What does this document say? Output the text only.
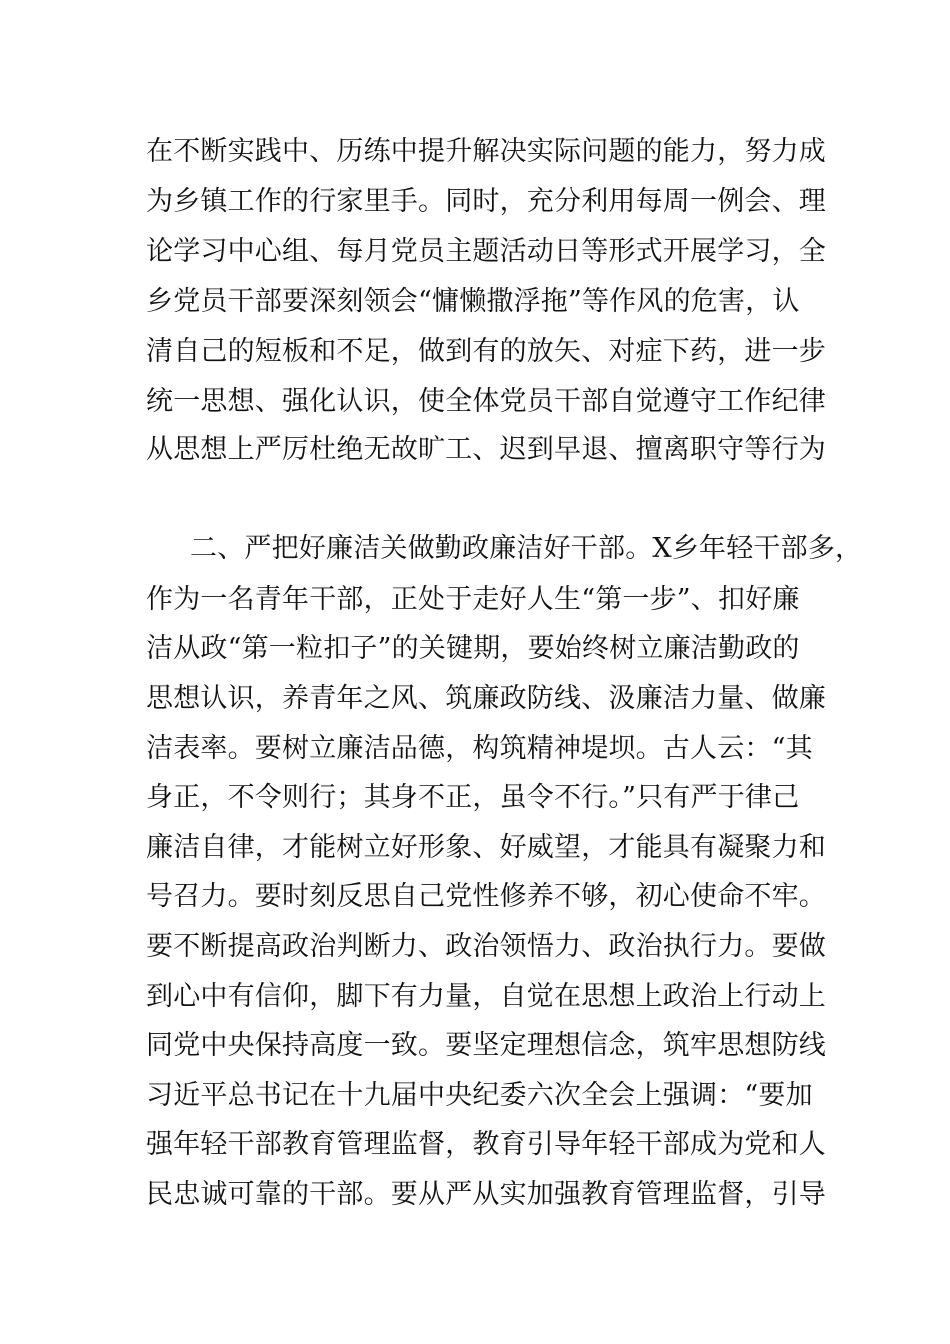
在不断实践中、历练中提升解决实际问题的能力，努力成
为乡镇工作的行家里手。同时，充分利用每周一例会、理
论学习中心组、每月党员主题活动日等形式开展学习，全
乡党员干部要深刻领会“慵懒撒浮拖”等作风的危害，认
清自己的短板和不足，做到有的放矢、对症下药，进一步
统一思想、强化认识，使全体党员干部自觉遵守工作纪律
从思想上严厉杜绝无故旷工、迟到早退、擅离职守等行为
二、严把好廉洁关做勤政廉洁好干部。X乡年轻干部多，
作为一名青年干部，正处于走好人生“第一步”、扣好廉
洁从政“第一粒扣子”的关键期，要始终树立廉洁勤政的
思想认识，养青年之风、筑廉政防线、汲廉洁力量、做廉
洁表率。要树立廉洁品德，构筑精神堤坝。古人云：“其
身正，不令则行；其身不正，虽令不行。”只有严于律己
廉洁自律，才能树立好形象、好威望，才能具有凝聚力和
号召力。要时刻反思自己党性修养不够，初心使命不牢。
要不断提高政治判断力、政治领悟力、政治执行力。要做
到心中有信仰，脚下有力量，自觉在思想上政治上行动上
同党中央保持高度一致。要坚定理想信念，筑牢思想防线
习近平总书记在十九届中央纪委六次全会上强调：“要加
强年轻干部教育管理监督，教育引导年轻干部成为党和人
民忠诚可靠的干部。要从严从实加强教育管理监督，引导
